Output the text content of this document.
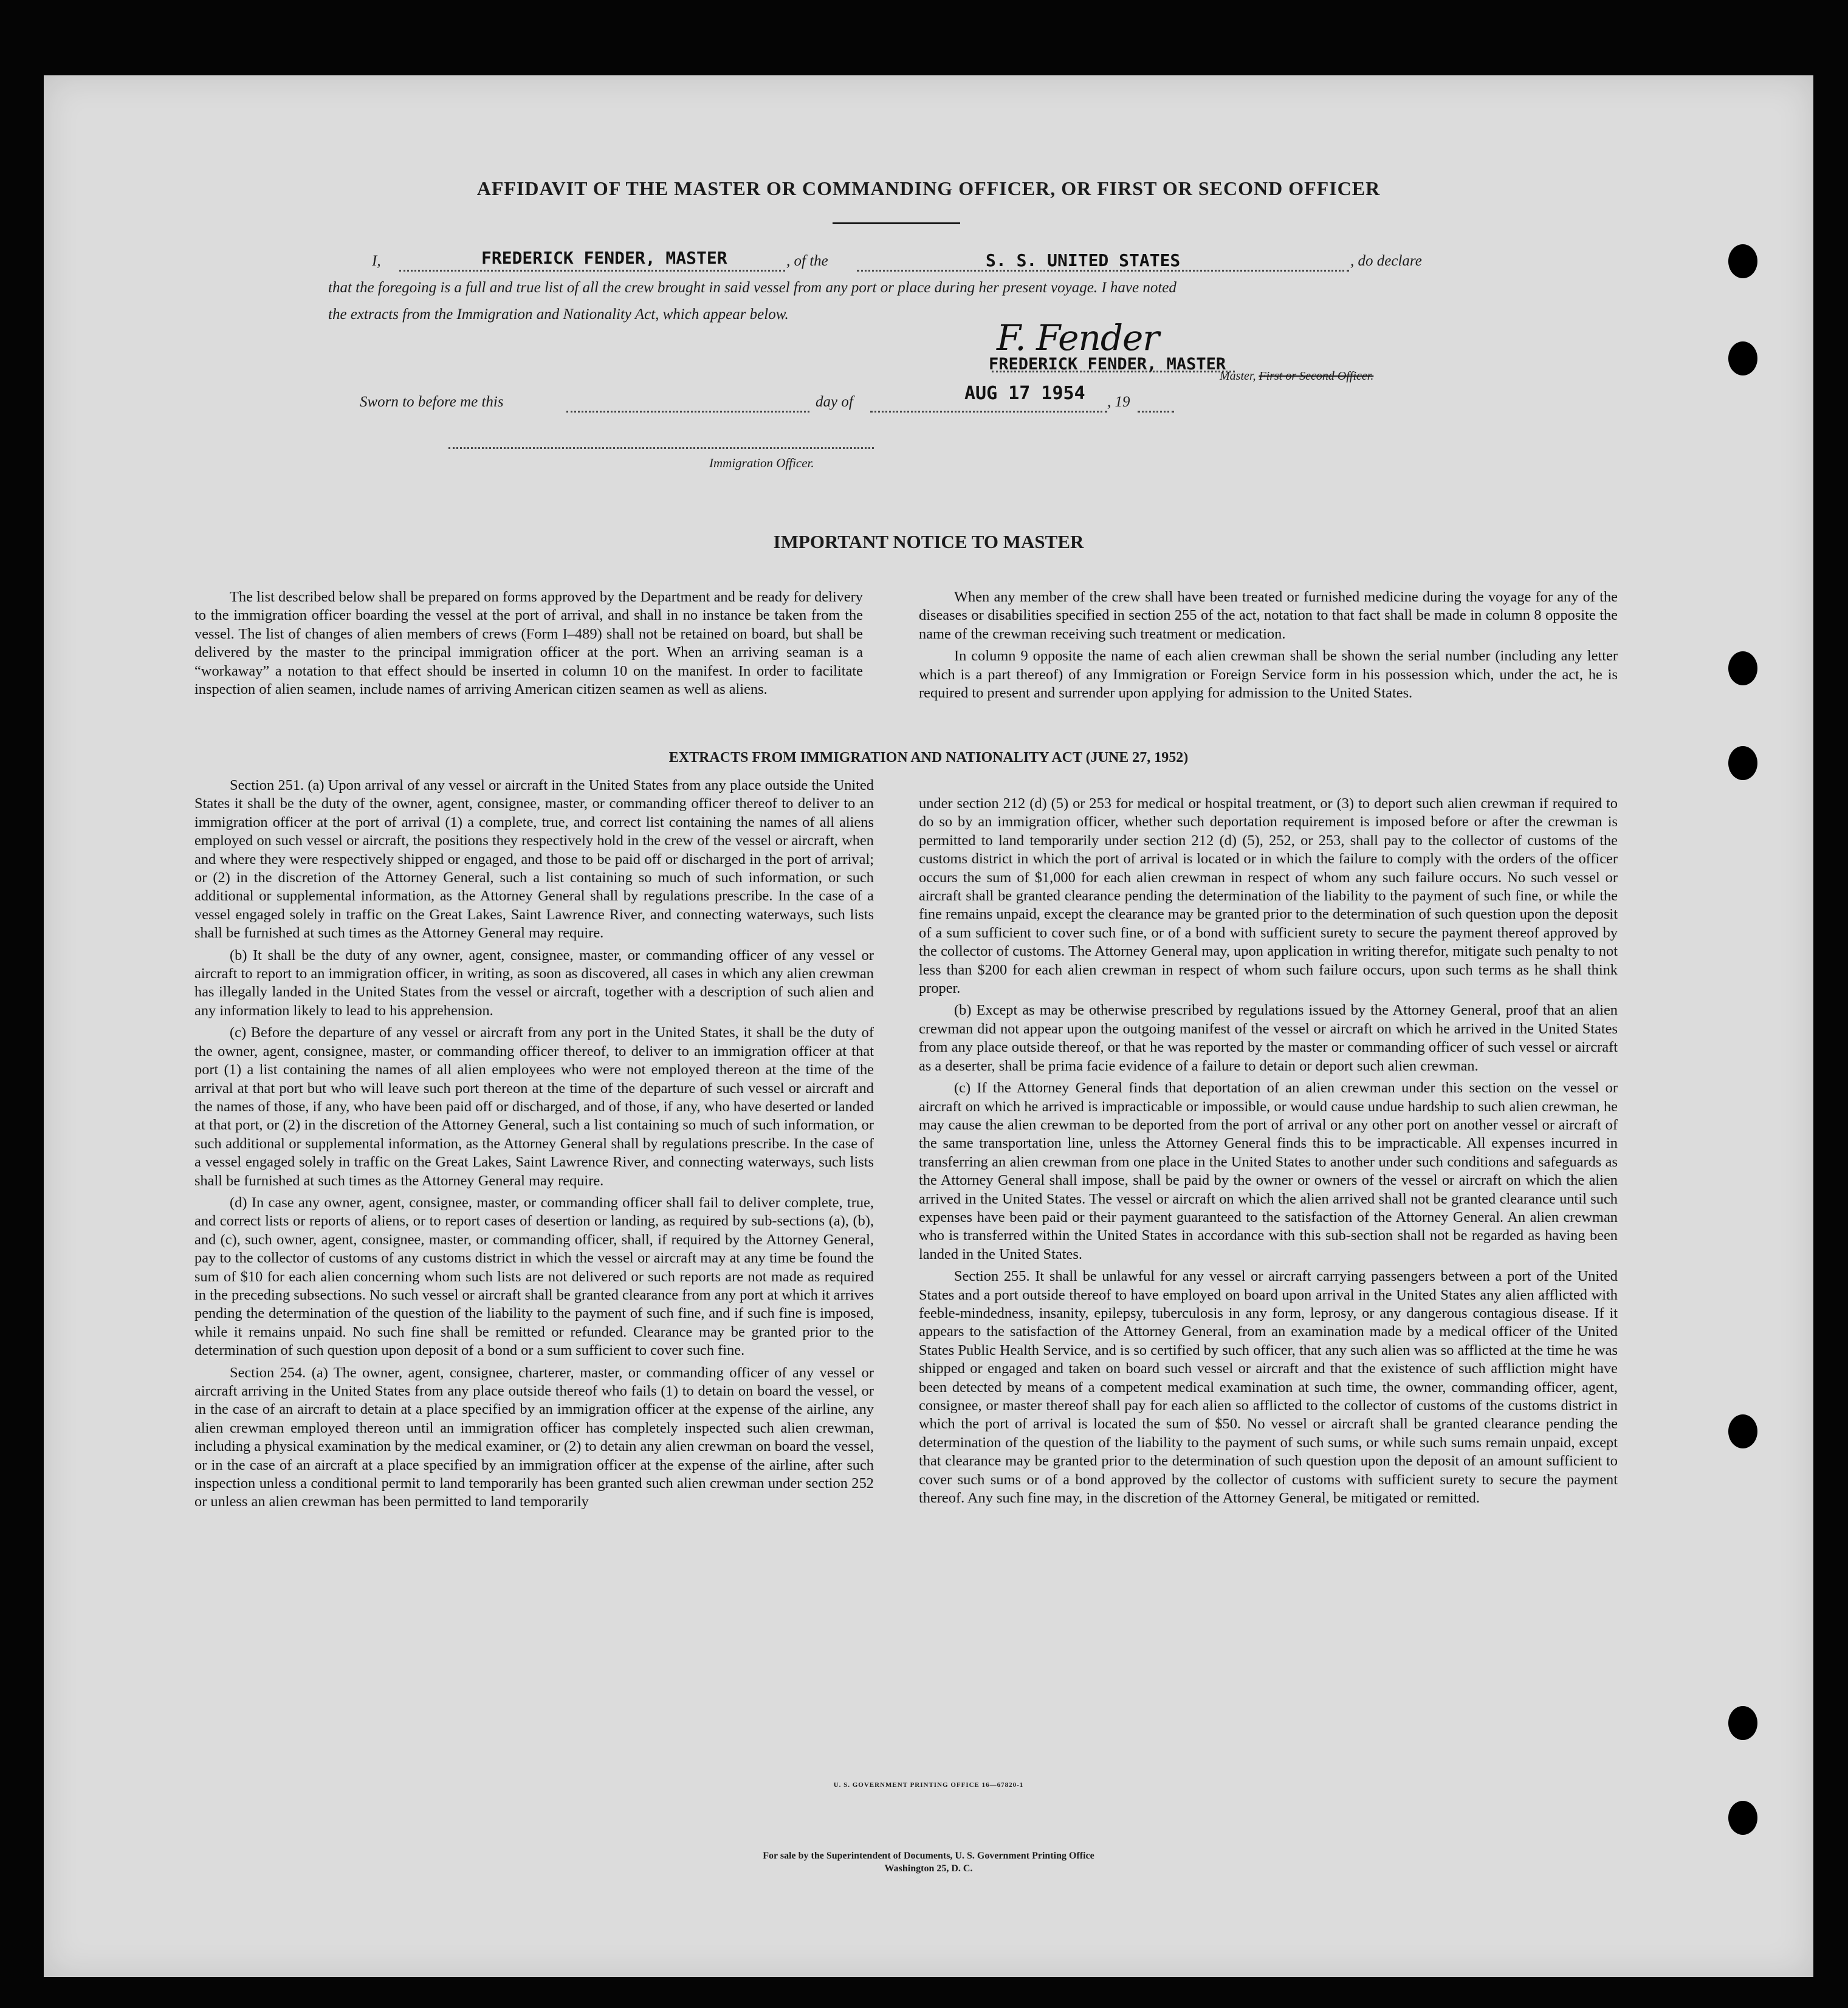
AFFIDAVIT OF THE MASTER OR COMMANDING OFFICER, OR FIRST OR SECOND OFFICER
I,	FREDERICK FENDER, MASTER	, of the	S. S. UNITED STATES	, do declare
that the foregoing is a full and true list of all the crew brought in said vessel from any port or place during her present voyage. I have noted
the extracts from the Immigration and Nationality Act, which appear below.
F. Fender
FREDERICK FENDER, MASTER
Master, First or Second Officer.
Sworn to before me this	day of	AUG 17 1954 , 19
Immigration Officer.
IMPORTANT NOTICE TO MASTER

The list described below shall be prepared on forms approved by the Department and be ready for delivery to the immigration officer boarding the vessel at the port of arrival, and shall in no instance be taken from the vessel. The list of changes of alien members of crews (Form I–489) shall not be retained on board, but shall be delivered by the master to the principal immigration officer at the port. When an arriving seaman is a “workaway” a notation to that effect should be inserted in column 10 on the manifest. In order to facilitate inspection of alien seamen, include names of arriving American citizen seamen as well as aliens.

When any member of the crew shall have been treated or furnished medicine during the voyage for any of the diseases or disabilities specified in section 255 of the act, notation to that fact shall be made in column 8 opposite the name of the crewman receiving such treatment or medication.

In column 9 opposite the name of each alien crewman shall be shown the serial number (including any letter which is a part thereof) of any Immigration or Foreign Service form in his possession which, under the act, he is required to present and surrender upon applying for admission to the United States.

EXTRACTS FROM IMMIGRATION AND NATIONALITY ACT (JUNE 27, 1952)

Section 251. (a) Upon arrival of any vessel or aircraft in the United States from any place outside the United States it shall be the duty of the owner, agent, consignee, master, or commanding officer thereof to deliver to an immigration officer at the port of arrival (1) a complete, true, and correct list containing the names of all aliens employed on such vessel or aircraft, the positions they respectively hold in the crew of the vessel or aircraft, when and where they were respectively shipped or engaged, and those to be paid off or discharged in the port of arrival; or (2) in the discretion of the Attorney General, such a list containing so much of such information, or such additional or supplemental information, as the Attorney General shall by regulations prescribe. In the case of a vessel engaged solely in traffic on the Great Lakes, Saint Lawrence River, and connecting waterways, such lists shall be furnished at such times as the Attorney General may require.

(b) It shall be the duty of any owner, agent, consignee, master, or commanding officer of any vessel or aircraft to report to an immigration officer, in writing, as soon as discovered, all cases in which any alien crewman has illegally landed in the United States from the vessel or aircraft, together with a description of such alien and any information likely to lead to his apprehension.

(c) Before the departure of any vessel or aircraft from any port in the United States, it shall be the duty of the owner, agent, consignee, master, or commanding officer thereof, to deliver to an immigration officer at that port (1) a list containing the names of all alien employees who were not employed thereon at the time of the arrival at that port but who will leave such port thereon at the time of the departure of such vessel or aircraft and the names of those, if any, who have been paid off or discharged, and of those, if any, who have deserted or landed at that port, or (2) in the discretion of the Attorney General, such a list containing so much of such information, or such additional or supplemental information, as the Attorney General shall by regulations prescribe. In the case of a vessel engaged solely in traffic on the Great Lakes, Saint Lawrence River, and connecting waterways, such lists shall be furnished at such times as the Attorney General may require.

(d) In case any owner, agent, consignee, master, or commanding officer shall fail to deliver complete, true, and correct lists or reports of aliens, or to report cases of desertion or landing, as required by sub-sections (a), (b), and (c), such owner, agent, consignee, master, or commanding officer, shall, if required by the Attorney General, pay to the collector of customs of any customs district in which the vessel or aircraft may at any time be found the sum of $10 for each alien concerning whom such lists are not delivered or such reports are not made as required in the preceding subsections. No such vessel or aircraft shall be granted clearance from any port at which it arrives pending the determination of the question of the liability to the payment of such fine, and if such fine is imposed, while it remains unpaid. No such fine shall be remitted or refunded. Clearance may be granted prior to the determination of such question upon deposit of a bond or a sum sufficient to cover such fine.

Section 254. (a) The owner, agent, consignee, charterer, master, or commanding officer of any vessel or aircraft arriving in the United States from any place outside thereof who fails (1) to detain on board the vessel, or in the case of an aircraft to detain at a place specified by an immigration officer at the expense of the airline, any alien crewman employed thereon until an immigration officer has completely inspected such alien crewman, including a physical examination by the medical examiner, or (2) to detain any alien crewman on board the vessel, or in the case of an aircraft at a place specified by an immigration officer at the expense of the airline, after such inspection unless a conditional permit to land temporarily has been granted such alien crewman under section 252 or unless an alien crewman has been permitted to land temporarily

under section 212 (d) (5) or 253 for medical or hospital treatment, or (3) to deport such alien crewman if required to do so by an immigration officer, whether such deportation requirement is imposed before or after the crewman is permitted to land temporarily under section 212 (d) (5), 252, or 253, shall pay to the collector of customs of the customs district in which the port of arrival is located or in which the failure to comply with the orders of the officer occurs the sum of $1,000 for each alien crewman in respect of whom any such failure occurs. No such vessel or aircraft shall be granted clearance pending the determination of the liability to the payment of such fine, or while the fine remains unpaid, except the clearance may be granted prior to the determination of such question upon the deposit of a sum sufficient to cover such fine, or of a bond with sufficient surety to secure the payment thereof approved by the collector of customs. The Attorney General may, upon application in writing therefor, mitigate such penalty to not less than $200 for each alien crewman in respect of whom such failure occurs, upon such terms as he shall think proper.

(b) Except as may be otherwise prescribed by regulations issued by the Attorney General, proof that an alien crewman did not appear upon the outgoing manifest of the vessel or aircraft on which he arrived in the United States from any place outside thereof, or that he was reported by the master or commanding officer of such vessel or aircraft as a deserter, shall be prima facie evidence of a failure to detain or deport such alien crewman.

(c) If the Attorney General finds that deportation of an alien crewman under this section on the vessel or aircraft on which he arrived is impracticable or impossible, or would cause undue hardship to such alien crewman, he may cause the alien crewman to be deported from the port of arrival or any other port on another vessel or aircraft of the same transportation line, unless the Attorney General finds this to be impracticable. All expenses incurred in transferring an alien crewman from one place in the United States to another under such conditions and safeguards as the Attorney General shall impose, shall be paid by the owner or owners of the vessel or aircraft on which the alien arrived in the United States. The vessel or aircraft on which the alien arrived shall not be granted clearance until such expenses have been paid or their payment guaranteed to the satisfaction of the Attorney General. An alien crewman who is transferred within the United States in accordance with this sub-section shall not be regarded as having been landed in the United States.

Section 255. It shall be unlawful for any vessel or aircraft carrying passengers between a port of the United States and a port outside thereof to have employed on board upon arrival in the United States any alien afflicted with feeble-mindedness, insanity, epilepsy, tuberculosis in any form, leprosy, or any dangerous contagious disease. If it appears to the satisfaction of the Attorney General, from an examination made by a medical officer of the United States Public Health Service, and is so certified by such officer, that any such alien was so afflicted at the time he was shipped or engaged and taken on board such vessel or aircraft and that the existence of such affliction might have been detected by means of a competent medical examination at such time, the owner, commanding officer, agent, consignee, or master thereof shall pay for each alien so afflicted to the collector of customs of the customs district in which the port of arrival is located the sum of $50. No vessel or aircraft shall be granted clearance pending the determination of the question of the liability to the payment of such sums, or while such sums remain unpaid, except that clearance may be granted prior to the determination of such question upon the deposit of an amount sufficient to cover such sums or of a bond approved by the collector of customs with sufficient surety to secure the payment thereof. Any such fine may, in the discretion of the Attorney General, be mitigated or remitted.

U. S. GOVERNMENT PRINTING OFFICE 16—67820-1
For sale by the Superintendent of Documents, U. S. Government Printing Office
Washington 25, D. C.
